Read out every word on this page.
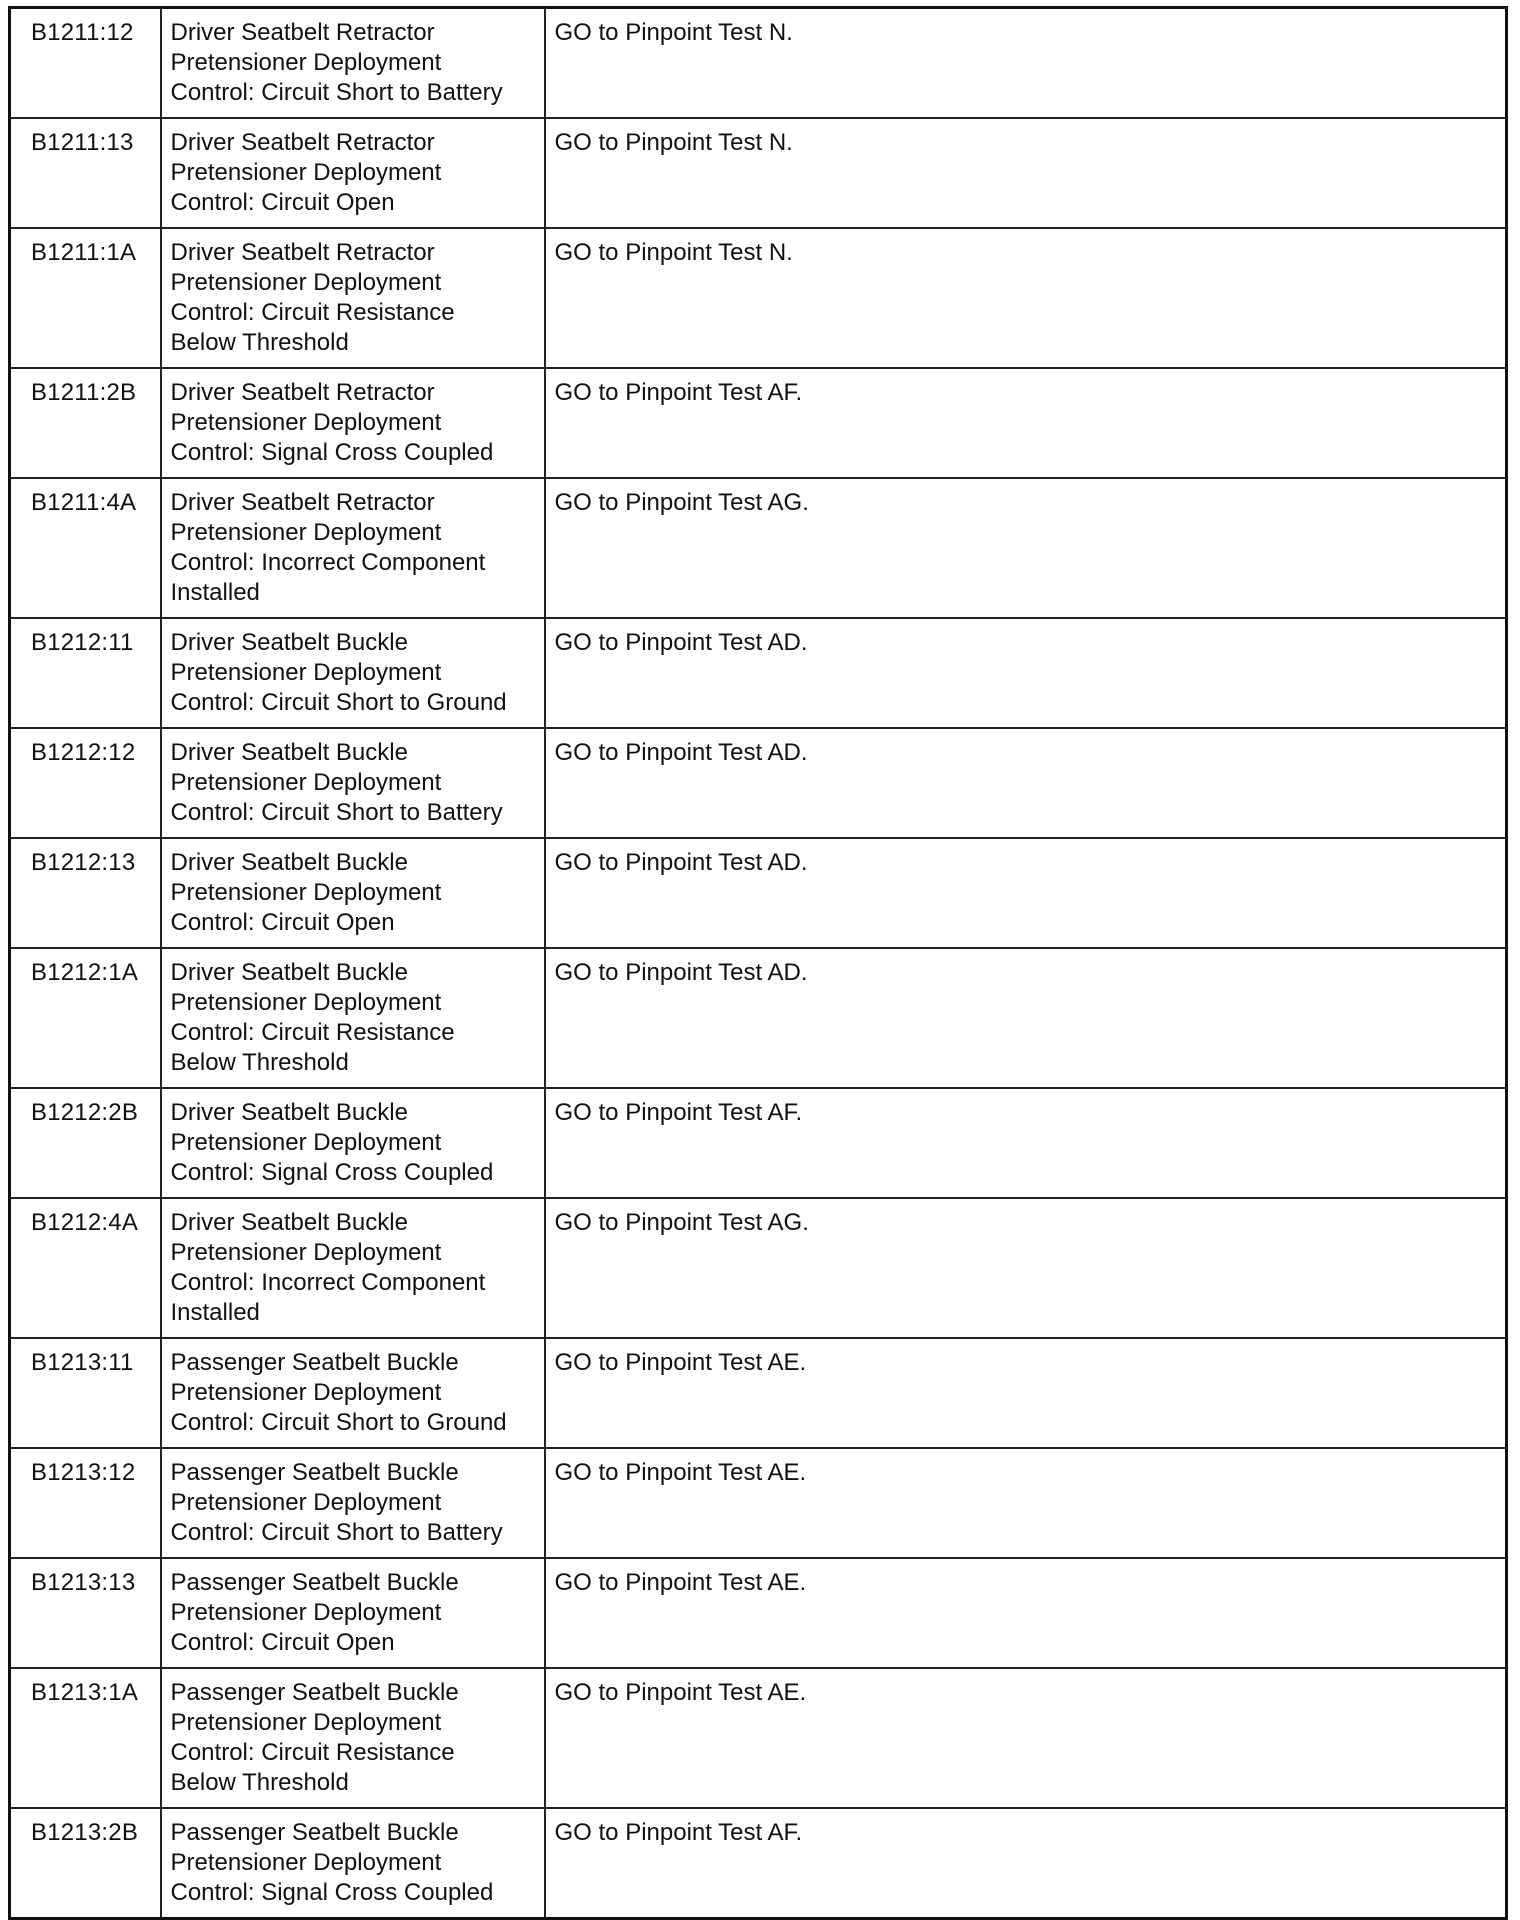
B1211:12	Driver Seatbelt Retractor
Pretensioner Deployment
Control: Circuit Short to Battery	GO to Pinpoint Test N.
B1211:13	Driver Seatbelt Retractor
Pretensioner Deployment
Control: Circuit Open	GO to Pinpoint Test N.
B1211:1A	Driver Seatbelt Retractor
Pretensioner Deployment
Control: Circuit Resistance
Below Threshold	GO to Pinpoint Test N.
B1211:2B	Driver Seatbelt Retractor
Pretensioner Deployment
Control: Signal Cross Coupled	GO to Pinpoint Test AF.
B1211:4A	Driver Seatbelt Retractor
Pretensioner Deployment
Control: Incorrect Component
Installed	GO to Pinpoint Test AG.
B1212:11	Driver Seatbelt Buckle
Pretensioner Deployment
Control: Circuit Short to Ground	GO to Pinpoint Test AD.
B1212:12	Driver Seatbelt Buckle
Pretensioner Deployment
Control: Circuit Short to Battery	GO to Pinpoint Test AD.
B1212:13	Driver Seatbelt Buckle
Pretensioner Deployment
Control: Circuit Open	GO to Pinpoint Test AD.
B1212:1A	Driver Seatbelt Buckle
Pretensioner Deployment
Control: Circuit Resistance
Below Threshold	GO to Pinpoint Test AD.
B1212:2B	Driver Seatbelt Buckle
Pretensioner Deployment
Control: Signal Cross Coupled	GO to Pinpoint Test AF.
B1212:4A	Driver Seatbelt Buckle
Pretensioner Deployment
Control: Incorrect Component
Installed	GO to Pinpoint Test AG.
B1213:11	Passenger Seatbelt Buckle
Pretensioner Deployment
Control: Circuit Short to Ground	GO to Pinpoint Test AE.
B1213:12	Passenger Seatbelt Buckle
Pretensioner Deployment
Control: Circuit Short to Battery	GO to Pinpoint Test AE.
B1213:13	Passenger Seatbelt Buckle
Pretensioner Deployment
Control: Circuit Open	GO to Pinpoint Test AE.
B1213:1A	Passenger Seatbelt Buckle
Pretensioner Deployment
Control: Circuit Resistance
Below Threshold	GO to Pinpoint Test AE.
B1213:2B	Passenger Seatbelt Buckle
Pretensioner Deployment
Control: Signal Cross Coupled	GO to Pinpoint Test AF.
